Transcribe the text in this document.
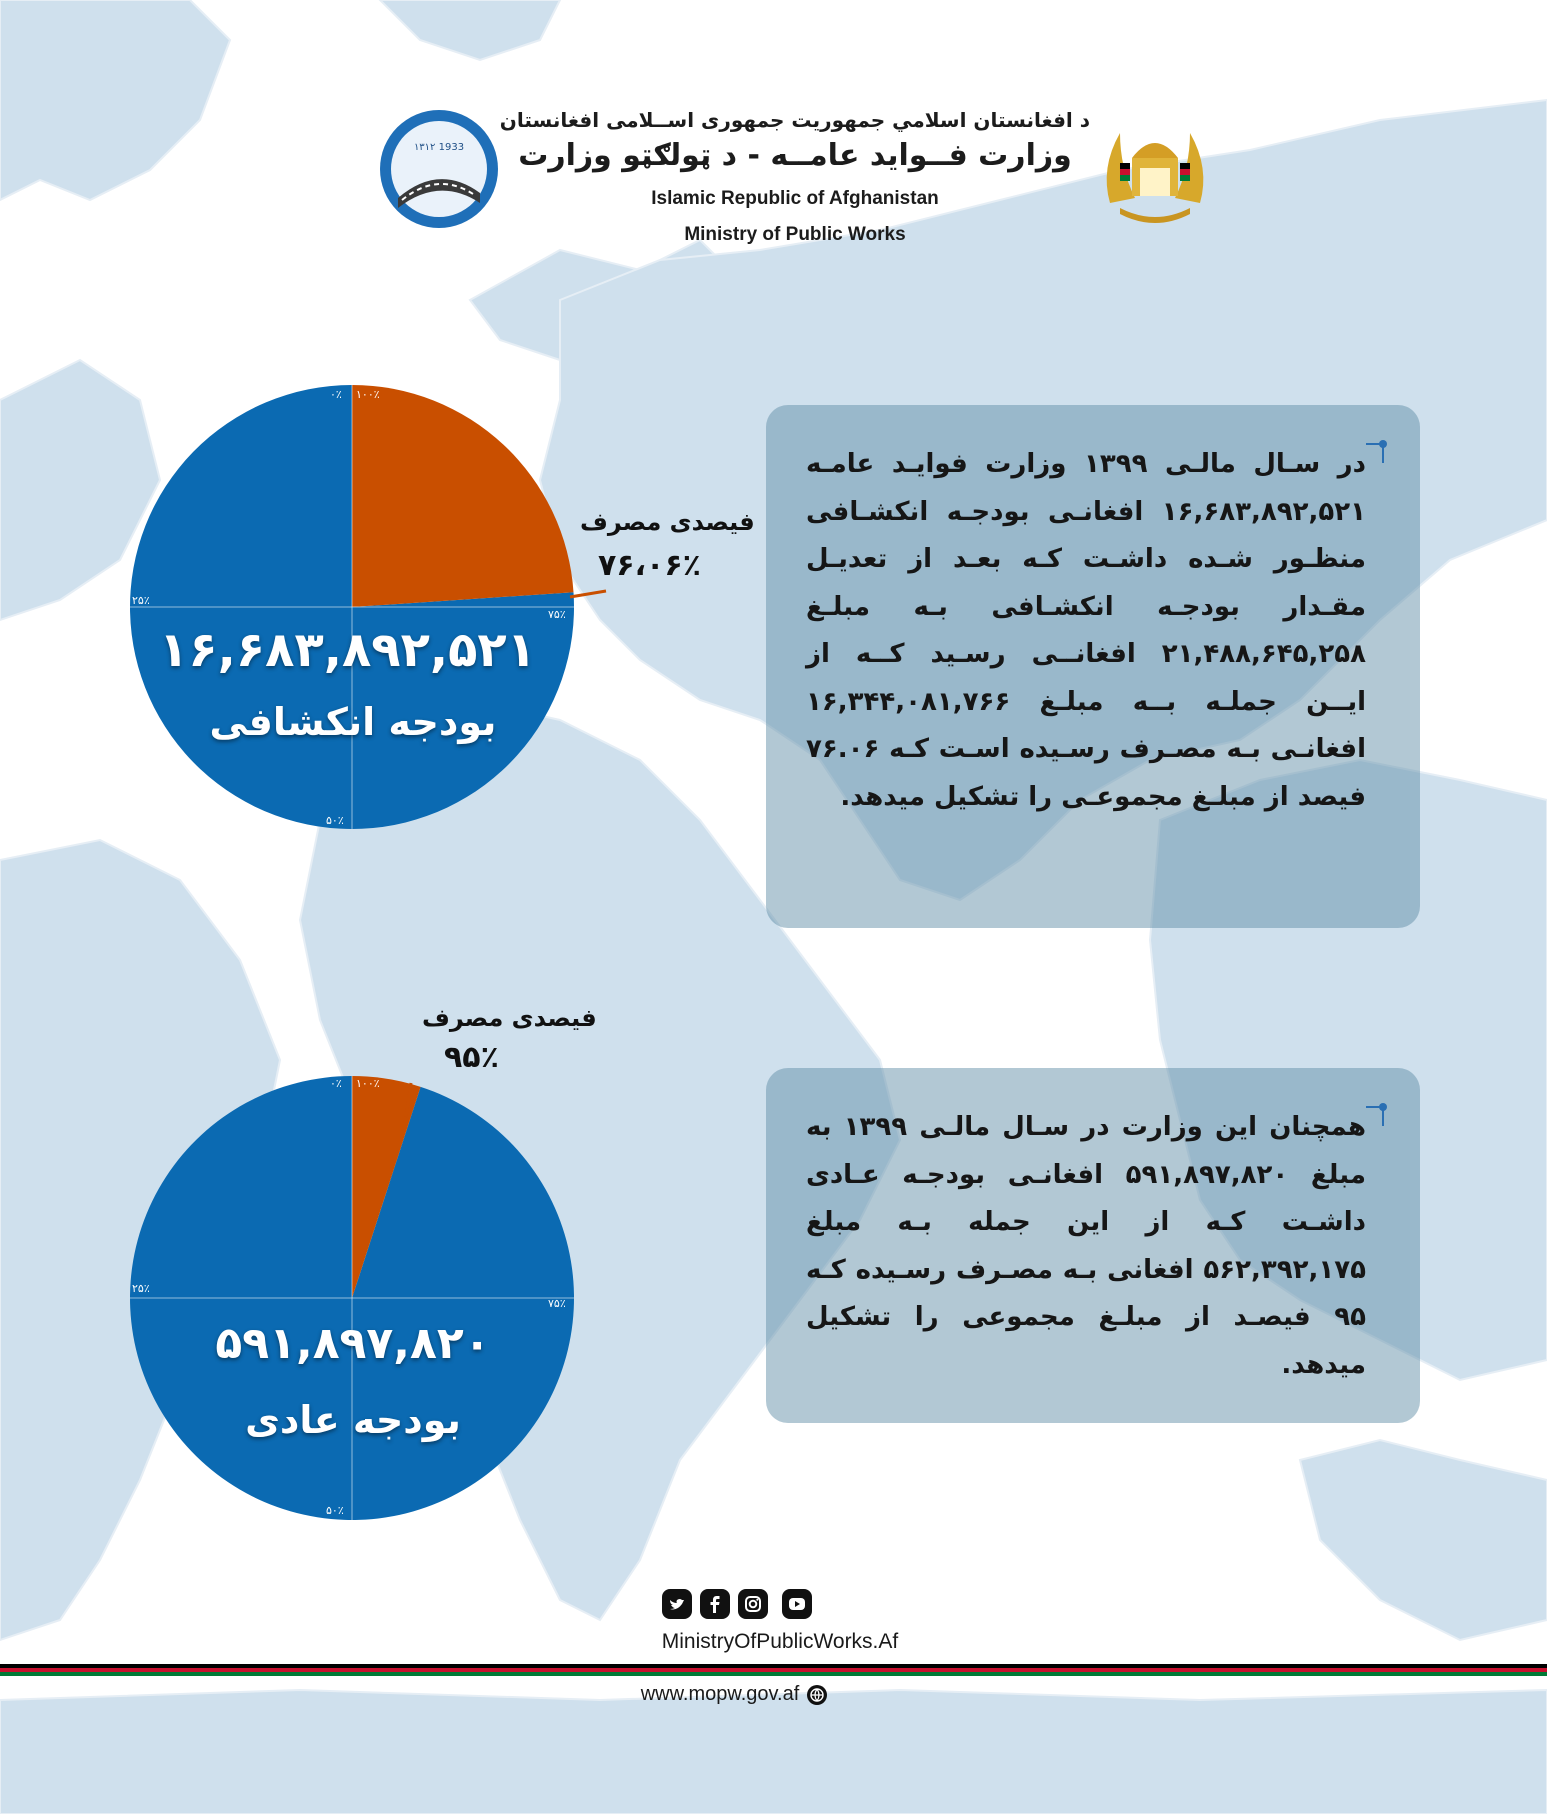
۱۳۱۲ 1933
د افغانستان اسلامي جمهوريت جمهوری اســلامی افغانستان
وزارت فــواید عامــه - د ټولګټو وزارت
Islamic Republic of Afghanistan
Ministry of Public Works
۱۰۰٪
۰٪
۲۵٪
۷۵٪
۵۰٪
۱۶,۶۸۳,۸۹۲,۵۲۱
بودجه انکشافی
فیصدی مصرف
۷۶،۰۶٪
۱۰۰٪
۰٪
۲۵٪
۷۵٪
۵۰٪
۵۹۱,۸۹۷,۸۲۰
بودجه عادی
فیصدی مصرف
۹۵٪
در سـال مالـی ۱۳۹۹ وزارت فوایـد عامـه ۱۶,۶۸۳,۸۹۲,۵۲۱ افغانـی بودجـه انکشـافی منظـور شـده داشـت کـه بعـد از تعدیـل مقـدار بودجـه انکشـافی بـه مبلـغ ۲۱,۴۸۸,۶۴۵,۲۵۸ افغانــی رسـید کــه از ایــن جملـه بــه مبلـغ ۱۶,۳۴۴,۰۸۱,۷۶۶ افغانـی بـه مصـرف رسـیده اسـت کـه ۷۶.۰۶ فیصد از مبلـغ مجموعـی را تشکیل میدهد.
همچنان این وزارت در سـال مالـی ۱۳۹۹ به مبلغ ۵۹۱,۸۹۷,۸۲۰ افغانـی بودجـه عـادی داشـت کـه از این جمله بـه مبلغ ۵۶۲,۳۹۲,۱۷۵ افغانی بـه مصـرف رسـیده کـه ۹۵ فیصـد از مبلـغ مجموعی را تشکیل میدهد.
MinistryOfPublicWorks.Af
www.mopw.gov.af
